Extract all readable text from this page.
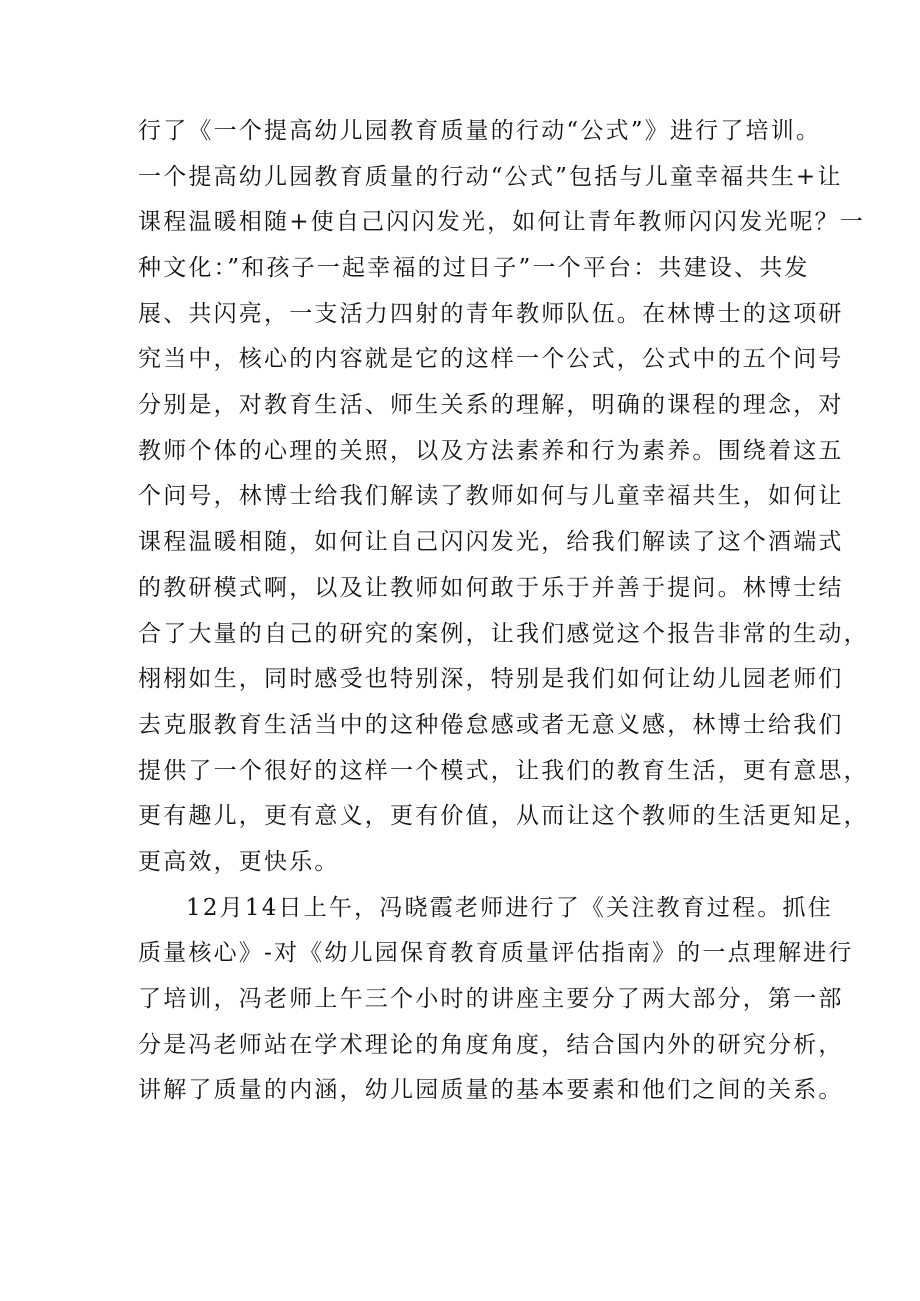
行了《一个提高幼儿园教育质量的行动“公式”》进行了培训。
一个提高幼儿园教育质量的行动“公式”包括与儿童幸福共生+让
课程温暖相随+使自己闪闪发光，如何让青年教师闪闪发光呢？一
种文化：”和孩子一起幸福的过日子”一个平台：共建设、共发
展、共闪亮，一支活力四射的青年教师队伍。在林博士的这项研
究当中，核心的内容就是它的这样一个公式，公式中的五个问号
分别是，对教育生活、师生关系的理解，明确的课程的理念，对
教师个体的心理的关照，以及方法素养和行为素养。围绕着这五
个问号，林博士给我们解读了教师如何与儿童幸福共生，如何让
课程温暖相随，如何让自己闪闪发光，给我们解读了这个酒端式
的教研模式啊，以及让教师如何敢于乐于并善于提问。林博士结
合了大量的自己的研究的案例，让我们感觉这个报告非常的生动，
栩栩如生，同时感受也特别深，特别是我们如何让幼儿园老师们
去克服教育生活当中的这种倦怠感或者无意义感，林博士给我们
提供了一个很好的这样一个模式，让我们的教育生活，更有意思，
更有趣儿，更有意义，更有价值，从而让这个教师的生活更知足，
更高效，更快乐。
12月14日上午，冯晓霞老师进行了《关注教育过程。抓住
质量核心》-对《幼儿园保育教育质量评估指南》的一点理解进行
了培训，冯老师上午三个小时的讲座主要分了两大部分，第一部
分是冯老师站在学术理论的角度角度，结合国内外的研究分析，
讲解了质量的内涵，幼儿园质量的基本要素和他们之间的关系。
